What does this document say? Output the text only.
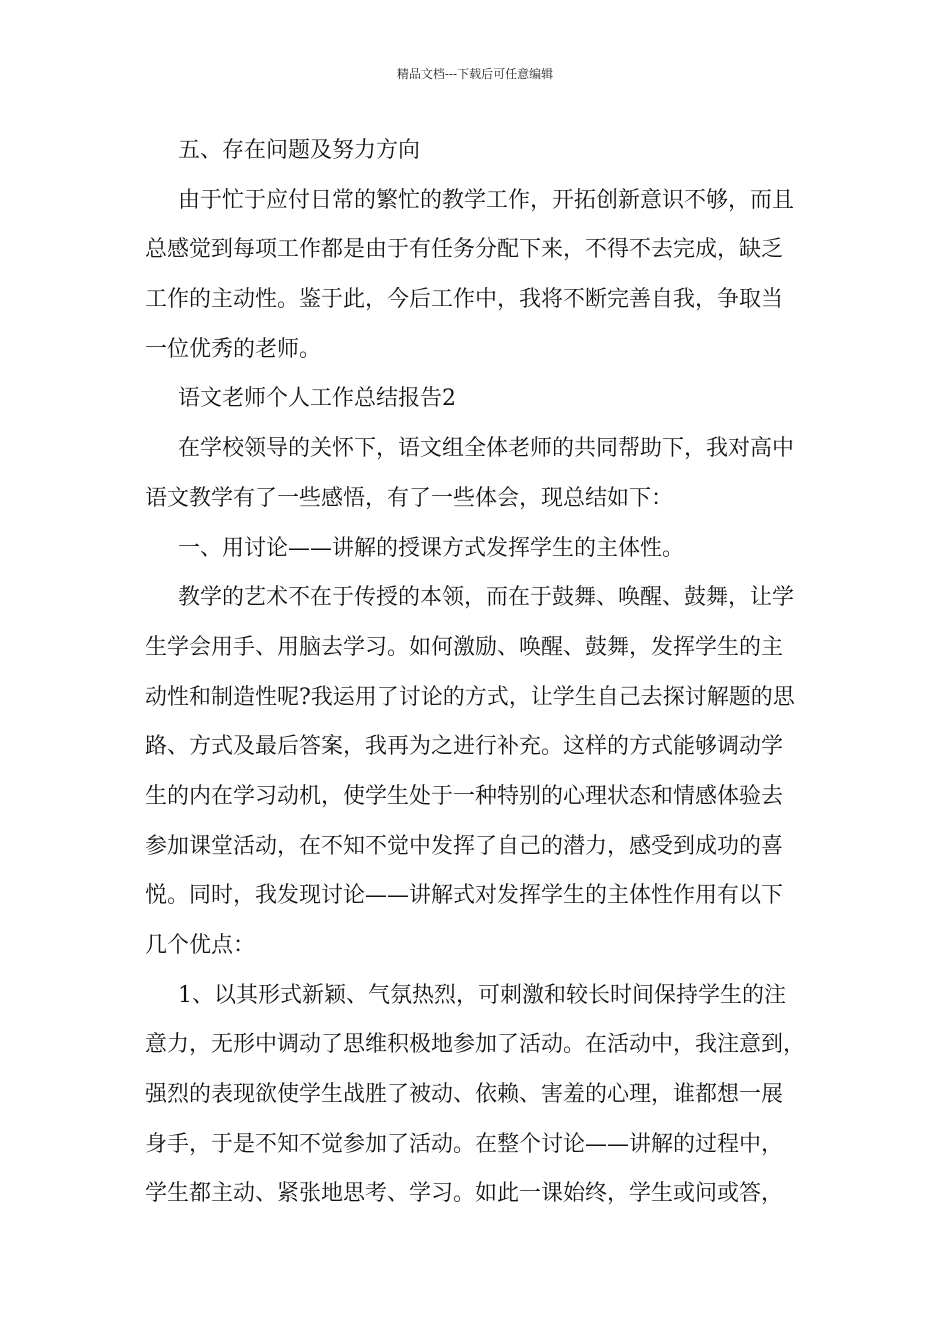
精品文档---下载后可任意编辑
五、存在问题及努力方向
由于忙于应付日常的繁忙的教学工作，开拓创新意识不够，而且
总感觉到每项工作都是由于有任务分配下来，不得不去完成，缺乏
工作的主动性。鉴于此，今后工作中，我将不断完善自我，争取当
一位优秀的老师。
语文老师个人工作总结报告2
在学校领导的关怀下，语文组全体老师的共同帮助下，我对高中
语文教学有了一些感悟，有了一些体会，现总结如下：
一、用讨论——讲解的授课方式发挥学生的主体性。
教学的艺术不在于传授的本领，而在于鼓舞、唤醒、鼓舞，让学
生学会用手、用脑去学习。如何激励、唤醒、鼓舞，发挥学生的主
动性和制造性呢?我运用了讨论的方式，让学生自己去探讨解题的思
路、方式及最后答案，我再为之进行补充。这样的方式能够调动学
生的内在学习动机，使学生处于一种特别的心理状态和情感体验去
参加课堂活动，在不知不觉中发挥了自己的潜力，感受到成功的喜
悦。同时，我发现讨论——讲解式对发挥学生的主体性作用有以下
几个优点：
1、以其形式新颖、气氛热烈，可刺激和较长时间保持学生的注
意力，无形中调动了思维积极地参加了活动。在活动中，我注意到，
强烈的表现欲使学生战胜了被动、依赖、害羞的心理，谁都想一展
身手，于是不知不觉参加了活动。在整个讨论——讲解的过程中，
学生都主动、紧张地思考、学习。如此一课始终，学生或问或答，
